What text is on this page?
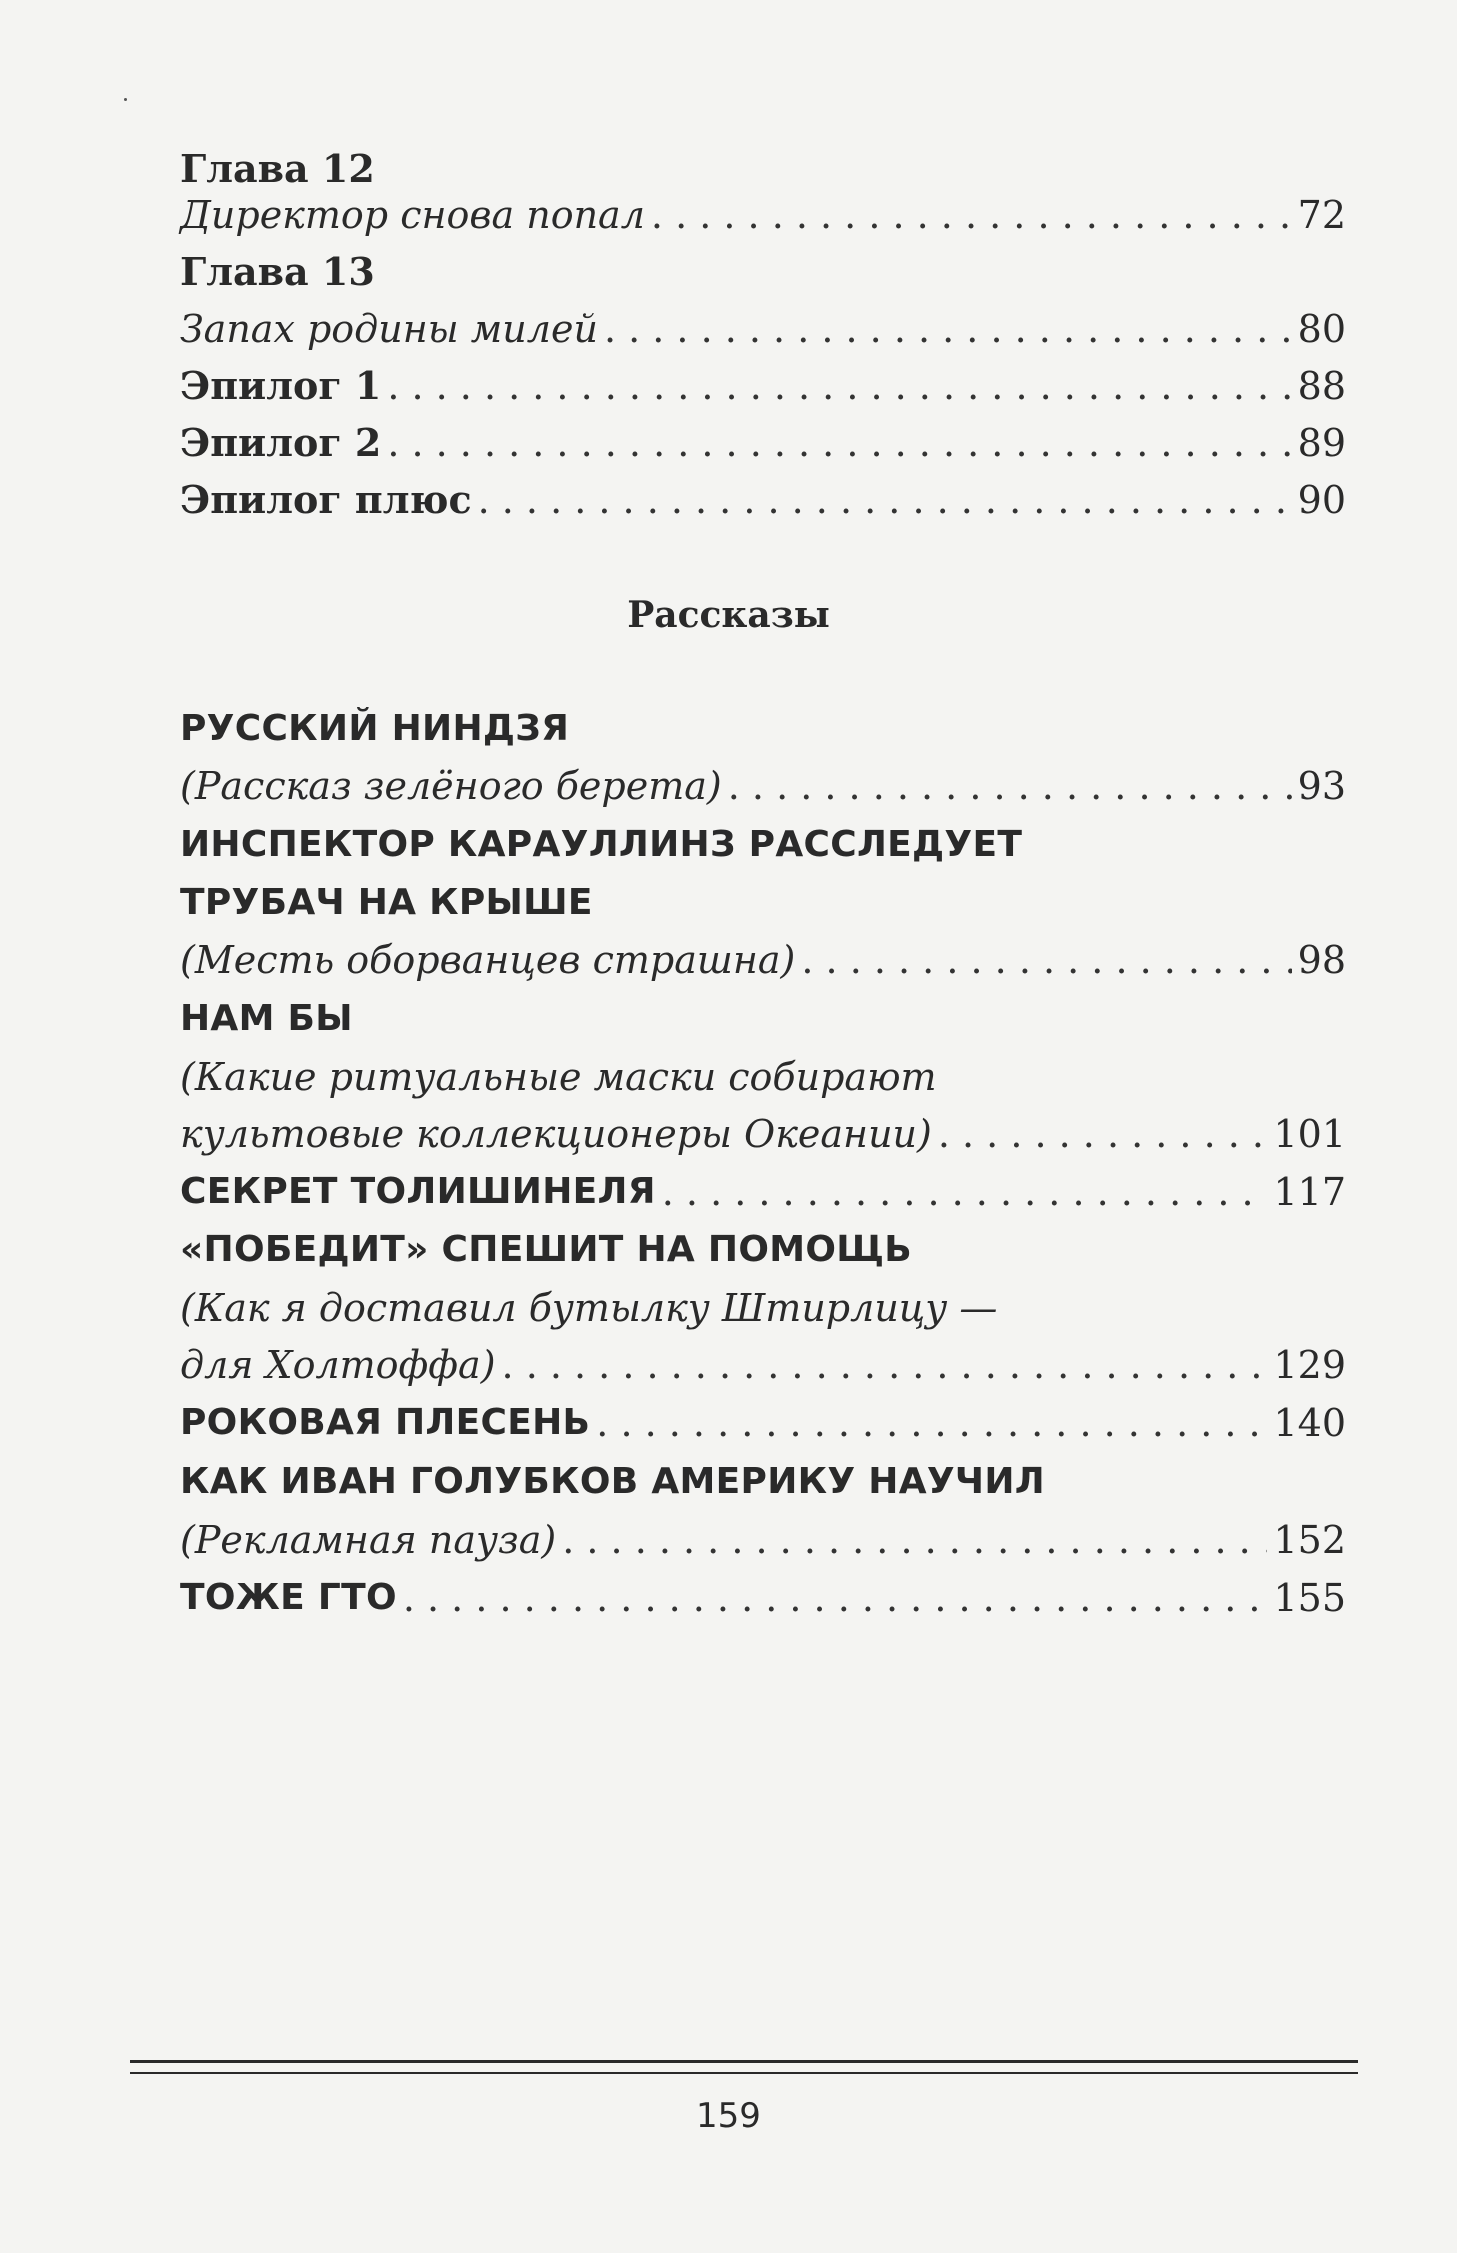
Глава 12
Директор снова попал . . .	72
Глава 13
Запах родины милей . . .	80
Эпилог 1 . . .	88
Эпилог 2 . . .	89
Эпилог плюс . . .	90
Рассказы
РУССКИЙ НИНДЗЯ
(Рассказ зелёного берета) . . .	93
ИНСПЕКТОР КАРАУЛЛИНЗ РАССЛЕДУЕТ
ТРУБАЧ НА КРЫШЕ
(Месть оборванцев страшна) . . .	98
НАМ БЫ
(Какие ритуальные маски собирают
культовые коллекционеры Океании) . . .	101
СЕКРЕТ ТОЛИШИНЕЛЯ . . .	117
«ПОБЕДИТ» СПЕШИТ НА ПОМОЩЬ
(Как я доставил бутылку Штирлицу —
для Холтоффа) . . .	129
РОКОВАЯ ПЛЕСЕНЬ . . .	140
КАК ИВАН ГОЛУБКОВ АМЕРИКУ НАУЧИЛ
(Рекламная пауза) . . .	152
ТОЖЕ ГТО . . .	155
159
